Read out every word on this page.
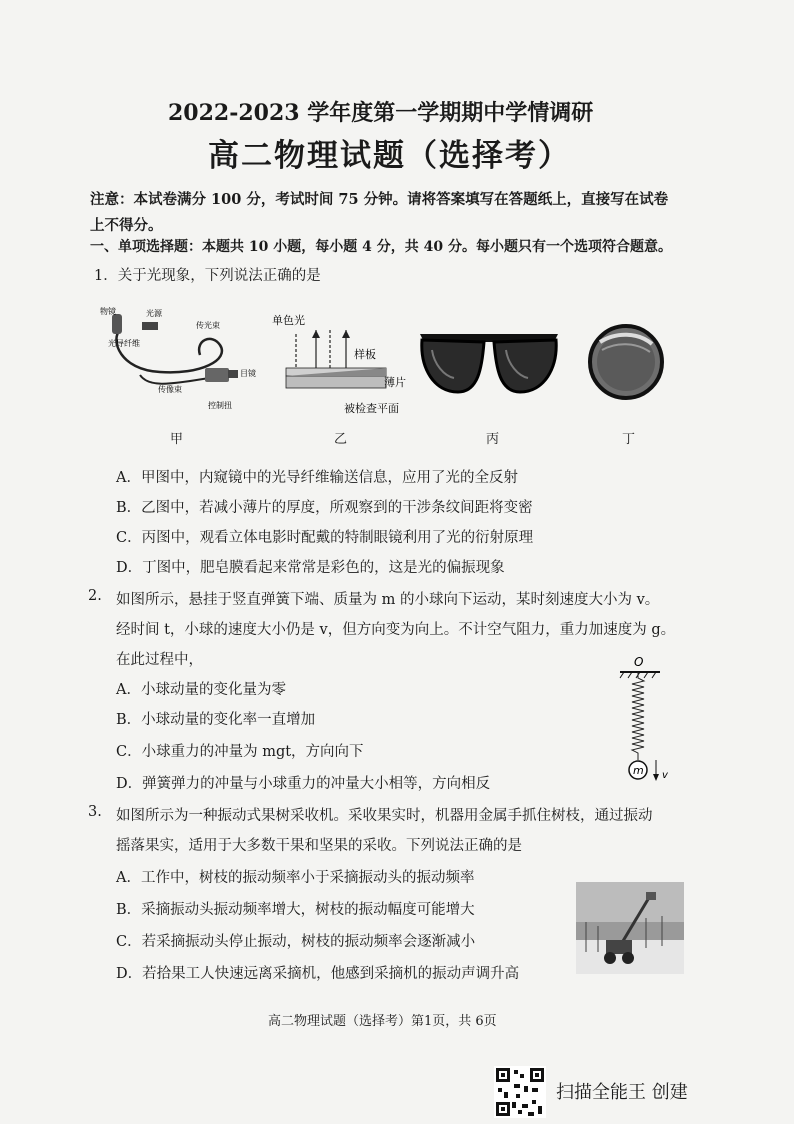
2022-2023 学年度第一学期期中学情调研
高二物理试题（选择考）
注意：本试卷满分 100 分，考试时间 75 分钟。请将答案填写在答题纸上，直接写在试卷
上不得分。
一、单项选择题：本题共 10 小题，每小题 4 分，共 40 分。每小题只有一个选项符合题意。
1．关于光现象，下列说法正确的是
物镜	光源
光导纤维
传光束
传像束
目镜
控制扭
单色光
样板
薄片
被检查平面
甲	乙	丙	丁
A．甲图中，内窥镜中的光导纤维输送信息，应用了光的全反射
B．乙图中，若减小薄片的厚度，所观察到的干涉条纹间距将变密
C．丙图中，观看立体电影时配戴的特制眼镜利用了光的衍射原理
D．丁图中，肥皂膜看起来常常是彩色的，这是光的偏振现象
2. 如图所示，悬挂于竖直弹簧下端、质量为 m 的小球向下运动，某时刻速度大小为 v。
经时间 t，小球的速度大小仍是 v，但方向变为向上。不计空气阻力，重力加速度为 g。
在此过程中，	O
m v
A．小球动量的变化量为零
B．小球动量的变化率一直增加
C．小球重力的冲量为 mgt，方向向下
D．弹簧弹力的冲量与小球重力的冲量大小相等，方向相反
3. 如图所示为一种振动式果树采收机。采收果实时，机器用金属手抓住树枝，通过振动
摇落果实，适用于大多数干果和坚果的采收。下列说法正确的是
A．工作中，树枝的振动频率小于采摘振动头的振动频率
B．采摘振动头振动频率增大，树枝的振动幅度可能增大
C．若采摘振动头停止振动，树枝的振动频率会逐渐减小
D．若拾果工人快速远离采摘机，他感到采摘机的振动声调升高
高二物理试题（选择考）第1页，共 6页
扫描全能王 创建
